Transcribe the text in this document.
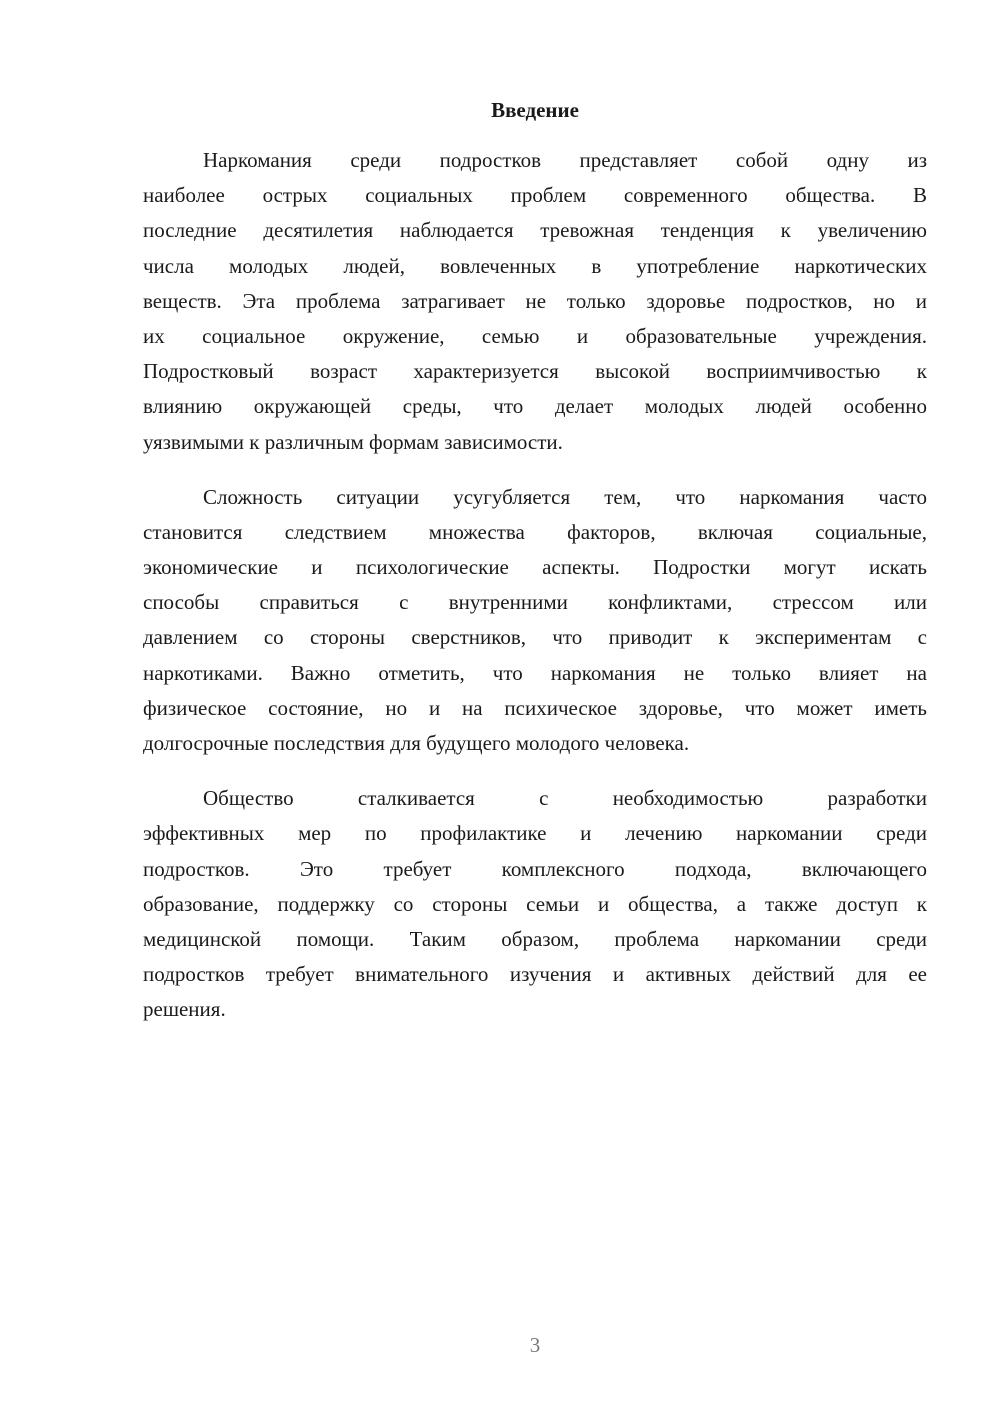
Введение
Наркомания среди подростков представляет собой одну из
наиболее острых социальных проблем современного общества. В
последние десятилетия наблюдается тревожная тенденция к увеличению
числа молодых людей, вовлеченных в употребление наркотических
веществ. Эта проблема затрагивает не только здоровье подростков, но и
их социальное окружение, семью и образовательные учреждения.
Подростковый возраст характеризуется высокой восприимчивостью к
влиянию окружающей среды, что делает молодых людей особенно
уязвимыми к различным формам зависимости.
Сложность ситуации усугубляется тем, что наркомания часто
становится следствием множества факторов, включая социальные,
экономические и психологические аспекты. Подростки могут искать
способы справиться с внутренними конфликтами, стрессом или
давлением со стороны сверстников, что приводит к экспериментам с
наркотиками. Важно отметить, что наркомания не только влияет на
физическое состояние, но и на психическое здоровье, что может иметь
долгосрочные последствия для будущего молодого человека.
Общество сталкивается с необходимостью разработки
эффективных мер по профилактике и лечению наркомании среди
подростков. Это требует комплексного подхода, включающего
образование, поддержку со стороны семьи и общества, а также доступ к
медицинской помощи. Таким образом, проблема наркомании среди
подростков требует внимательного изучения и активных действий для ее
решения.
3
